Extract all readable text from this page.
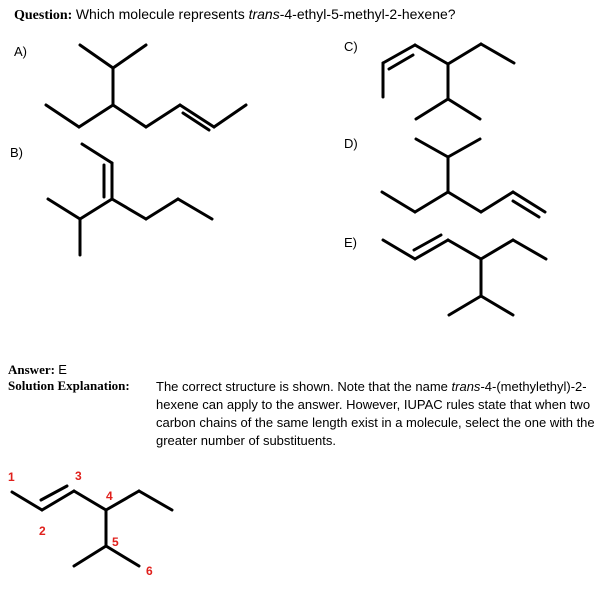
Question: Which molecule represents trans-4-ethyl-5-methyl-2-hexene?
A)
B)
C)
D)
E)
Answer: E
Solution Explanation: The correct structure is shown. Note that the name trans-4-(methylethyl)-2-hexene can apply to the answer. However, IUPAC rules state that when two carbon chains of the same length exist in a molecule, select the one with the greater number of substituents.
1
2
3
4
5
6
